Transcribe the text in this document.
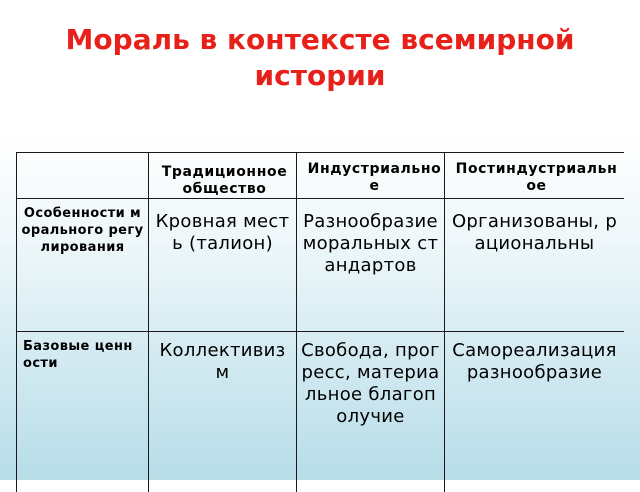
Мораль в контексте всемирной истории

	Традиционное общество	Индустриальное	Постиндустриальное

Особенности морального регулирования	Кровная месть (талион)	Разнообразие моральных стандартов	Организованы, рациональны

Базовые ценности	Коллективизм	Свобода, прогресс, материальное благополучие	Самореализацияразнообразие
